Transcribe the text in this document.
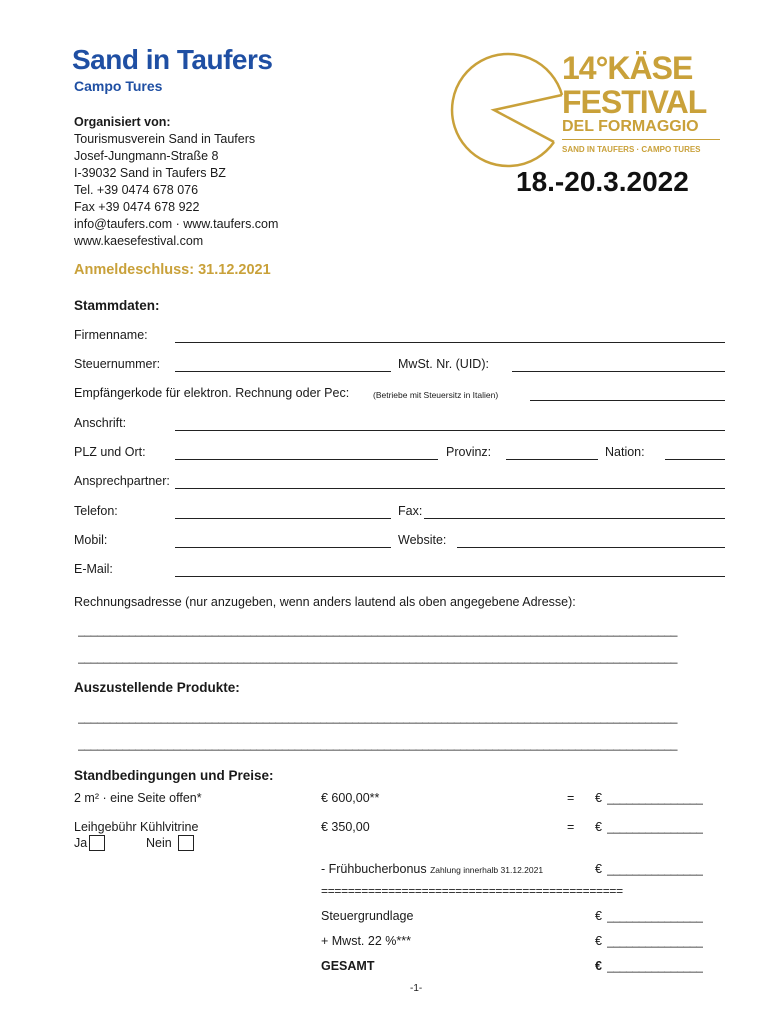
Sand in Taufers
Campo Tures
Organisiert von:
Tourismusverein Sand in Taufers
Josef-Jungmann-Straße 8
I-39032 Sand in Taufers BZ
Tel. +39 0474 678 076
Fax +39 0474 678 922
info@taufers.com · www.taufers.com
www.kaesefestival.com
14°KÄSE
FESTIVAL
DEL FORMAGGIO
SAND IN TAUFERS · CAMPO TURES
18.-20.3.2022
Anmeldeschluss: 31.12.2021
Stammdaten:
Firmenname:
Steuernummer:	MwSt. Nr. (UID):
Empfängerkode für elektron. Rechnung oder Pec:	(Betriebe mit Steuersitz in Italien)
Anschrift:
PLZ und Ort:	Provinz:	Nation:
Ansprechpartner:
Telefon:	Fax:
Mobil:	Website:
E-Mail:
Rechnungsadresse (nur anzugeben, wenn anders lautend als oben angegebene Adresse):
______________________________________________________________________________________________
______________________________________________________________________________________________
Auszustellende Produkte:
______________________________________________________________________________________________
______________________________________________________________________________________________
Standbedingungen und Preise:
2 m² · eine Seite offen*	€ 600,00**	= € _______________
Leihgebühr Kühlvitrine	€ 350,00	= € _______________
Ja	Nein
- Frühbucherbonus Zahlung innerhalb 31.12.2021	€ _______________
=============================================
Steuergrundlage	€ _______________
+ Mwst. 22 %***	€ _______________
GESAMT	€ _______________
-1-
